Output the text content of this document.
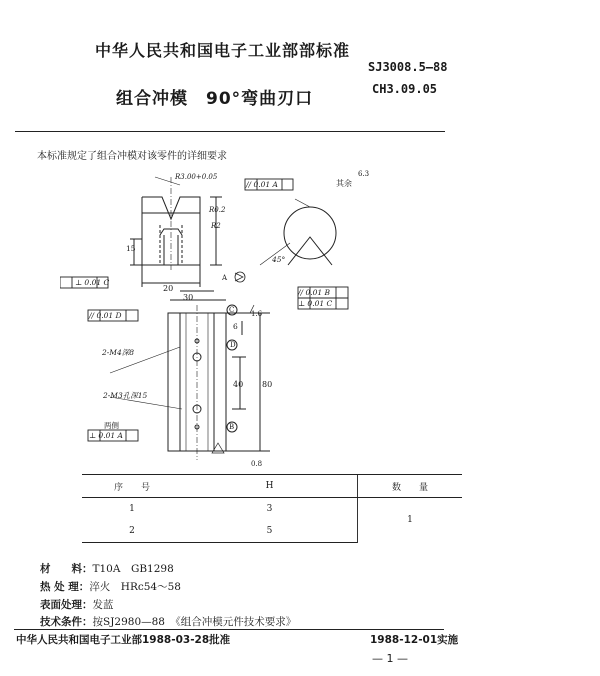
中华人民共和国电子工业部部标准
SJ3008.5—88
CH3.09.05
组合冲模　90°弯曲刃口
本标准规定了组合冲模对该零件的详细要求
R3.00+0.05
// 0.01 A	其余
6.3
R0.2
R2
15
45°
⊥ 0.01 C
20
30
// 0.01 B
⊥ 0.01 C
// 0.01 D
C
D
B
1.6
6
40 80
2-M4深8
2-M3孔深15
两侧
⊥ 0.01 A
0.8
A
序　　号	H	数　　量
1	3	1
2	5	
材　　料：T10A　GB1298
热 处 理：淬火　HRc54～58
表面处理：发蓝
技术条件：按SJ2980—88　《组合冲模元件技术要求》
中华人民共和国电子工业部1988-03-28批准	1988-12-01实施
— 1 —
